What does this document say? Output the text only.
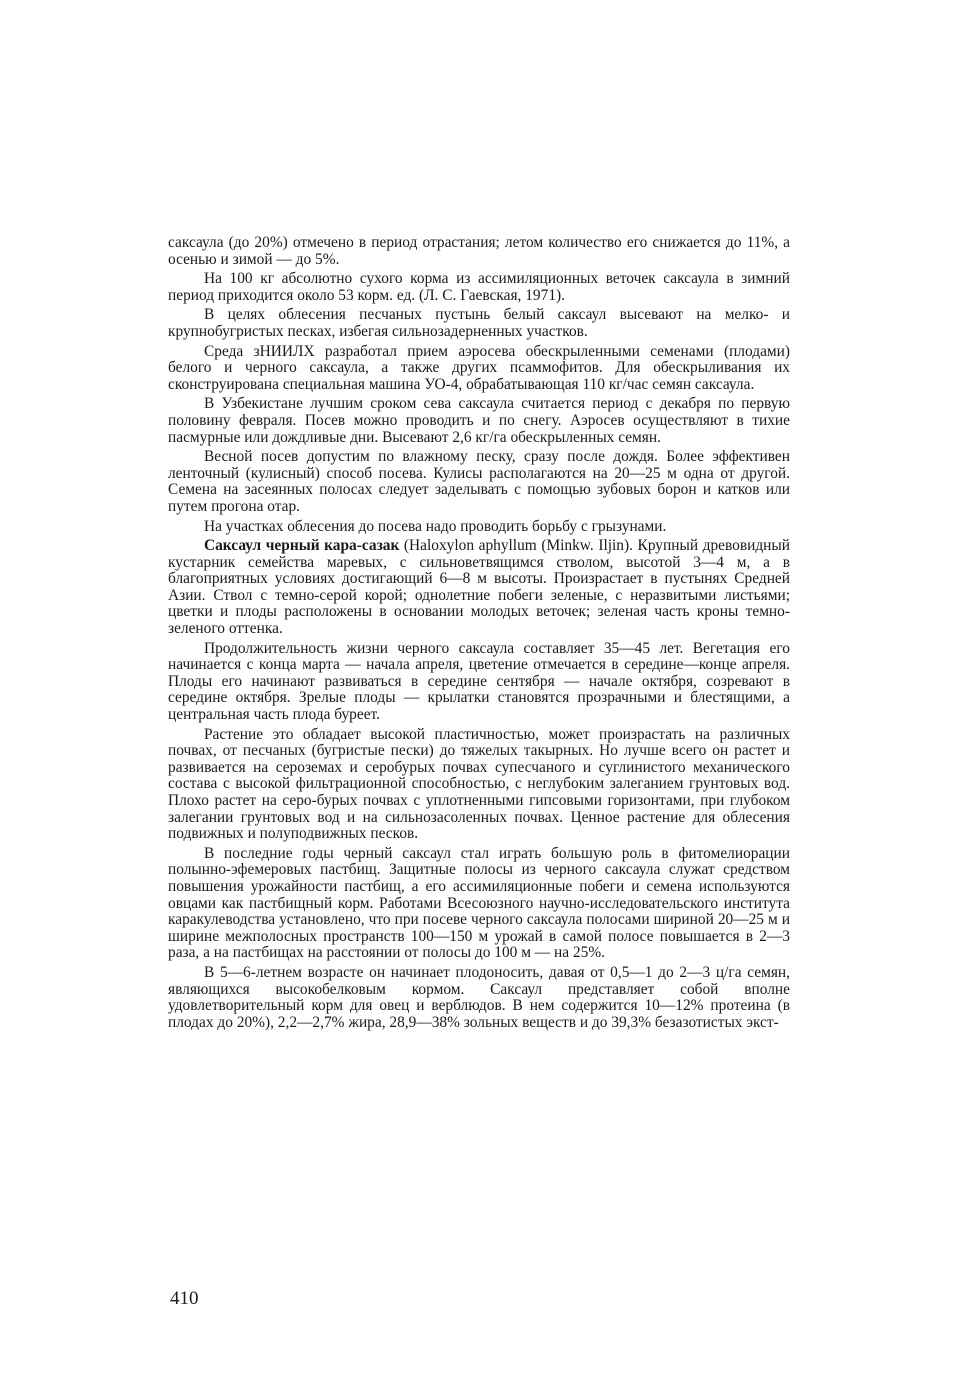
саксаула (до 20%) отмечено в период отрастания; летом количество его снижается до 11%, а осенью и зимой — до 5%.

На 100 кг абсолютно сухого корма из ассимиляционных веточек саксаула в зимний период приходится около 53 корм. ед. (Л. С. Гаевская, 1971).

В целях облесения песчаных пустынь белый саксаул высевают на мелко- и крупнобугристых песках, избегая сильнозадерненных участков.

Среда зНИИЛХ разработал прием аэросева обескрыленными семенами (плодами) белого и черного саксаула, а также других псаммофитов. Для обескрыливания их сконструирована специальная машина УО-4, обрабатывающая 110 кг/час семян саксаула.

В Узбекистане лучшим сроком сева саксаула считается период с декабря по первую половину февраля. Посев можно проводить и по снегу. Аэросев осуществляют в тихие пасмурные или дождливые дни. Высевают 2,6 кг/га обескрыленных семян.

Весной посев допустим по влажному песку, сразу после дождя. Более эффективен ленточный (кулисный) способ посева. Кулисы располагаются на 20—25 м одна от другой. Семена на засеянных полосах следует заделывать с помощью зубовых борон и катков или путем прогона отар.

На участках облесения до посева надо проводить борьбу с грызунами.

Саксаул черный кара-сазак (Haloxylon aphyllum (Minkw. Iljin). Крупный древовидный кустарник семейства маревых, с сильноветвящимся стволом, высотой 3—4 м, а в благоприятных условиях достигающий 6—8 м высоты. Произрастает в пустынях Средней Азии. Ствол с темно-серой корой; однолетние побеги зеленые, с неразвитыми листьями; цветки и плоды расположены в основании молодых веточек; зеленая часть кроны темно-зеленого оттенка.

Продолжительность жизни черного саксаула составляет 35—45 лет. Вегетация его начинается с конца марта — начала апреля, цветение отмечается в середине—конце апреля. Плоды его начинают развиваться в середине сентября — начале октября, созревают в середине октября. Зрелые плоды — крылатки становятся прозрачными и блестящими, а центральная часть плода буреет.

Растение это обладает высокой пластичностью, может произрастать на различных почвах, от песчаных (бугристые пески) до тяжелых такырных. Но лучше всего он растет и развивается на сероземах и серобурых почвах супесчаного и суглинистого механического состава с высокой фильтрационной способностью, с неглубоким залеганием грунтовых вод. Плохо растет на серо-бурых почвах с уплотненными гипсовыми горизонтами, при глубоком залегании грунтовых вод и на сильнозасоленных почвах. Ценное растение для облесения подвижных и полуподвижных песков.

В последние годы черный саксаул стал играть большую роль в фитомелиорации полынно-эфемеровых пастбищ. Защитные полосы из черного саксаула служат средством повышения урожайности пастбищ, а его ассимиляционные побеги и семена используются овцами как пастбищный корм. Работами Всесоюзного научно-исследовательского института каракулеводства установлено, что при посеве черного саксаула полосами шириной 20—25 м и ширине межполосных пространств 100—150 м урожай в самой полосе повышается в 2—3 раза, а на пастбищах на расстоянии от полосы до 100 м — на 25%.

В 5—6-летнем возрасте он начинает плодоносить, давая от 0,5—1 до 2—3 ц/га семян, являющихся высокобелковым кормом. Саксаул представляет собой вполне удовлетворительный корм для овец и верблюдов. В нем содержится 10—12% протеина (в плодах до 20%), 2,2—2,7% жира, 28,9—38% зольных веществ и до 39,3% безазотистых экст-

410
